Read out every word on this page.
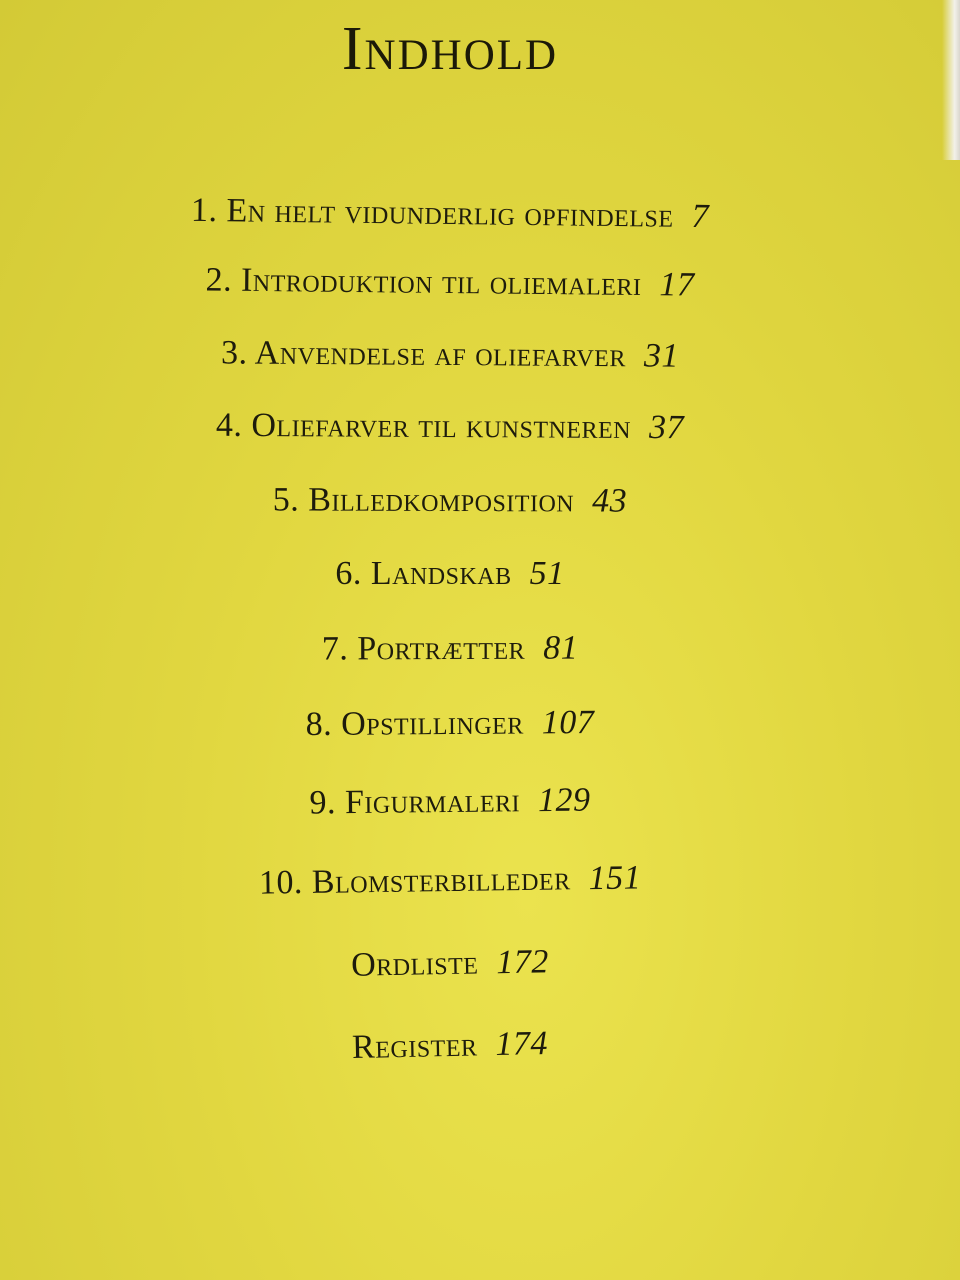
Indhold
1. En helt vidunderlig opfindelse 7
2. Introduktion til oliemaleri 17
3. Anvendelse af oliefarver 31
4. Oliefarver til kunstneren 37
5. Billedkomposition 43
6. Landskab 51
7. Portrætter 81
8. Opstillinger 107
9. Figurmaleri 129
10. Blomsterbilleder 151
Ordliste 172
Register 174
